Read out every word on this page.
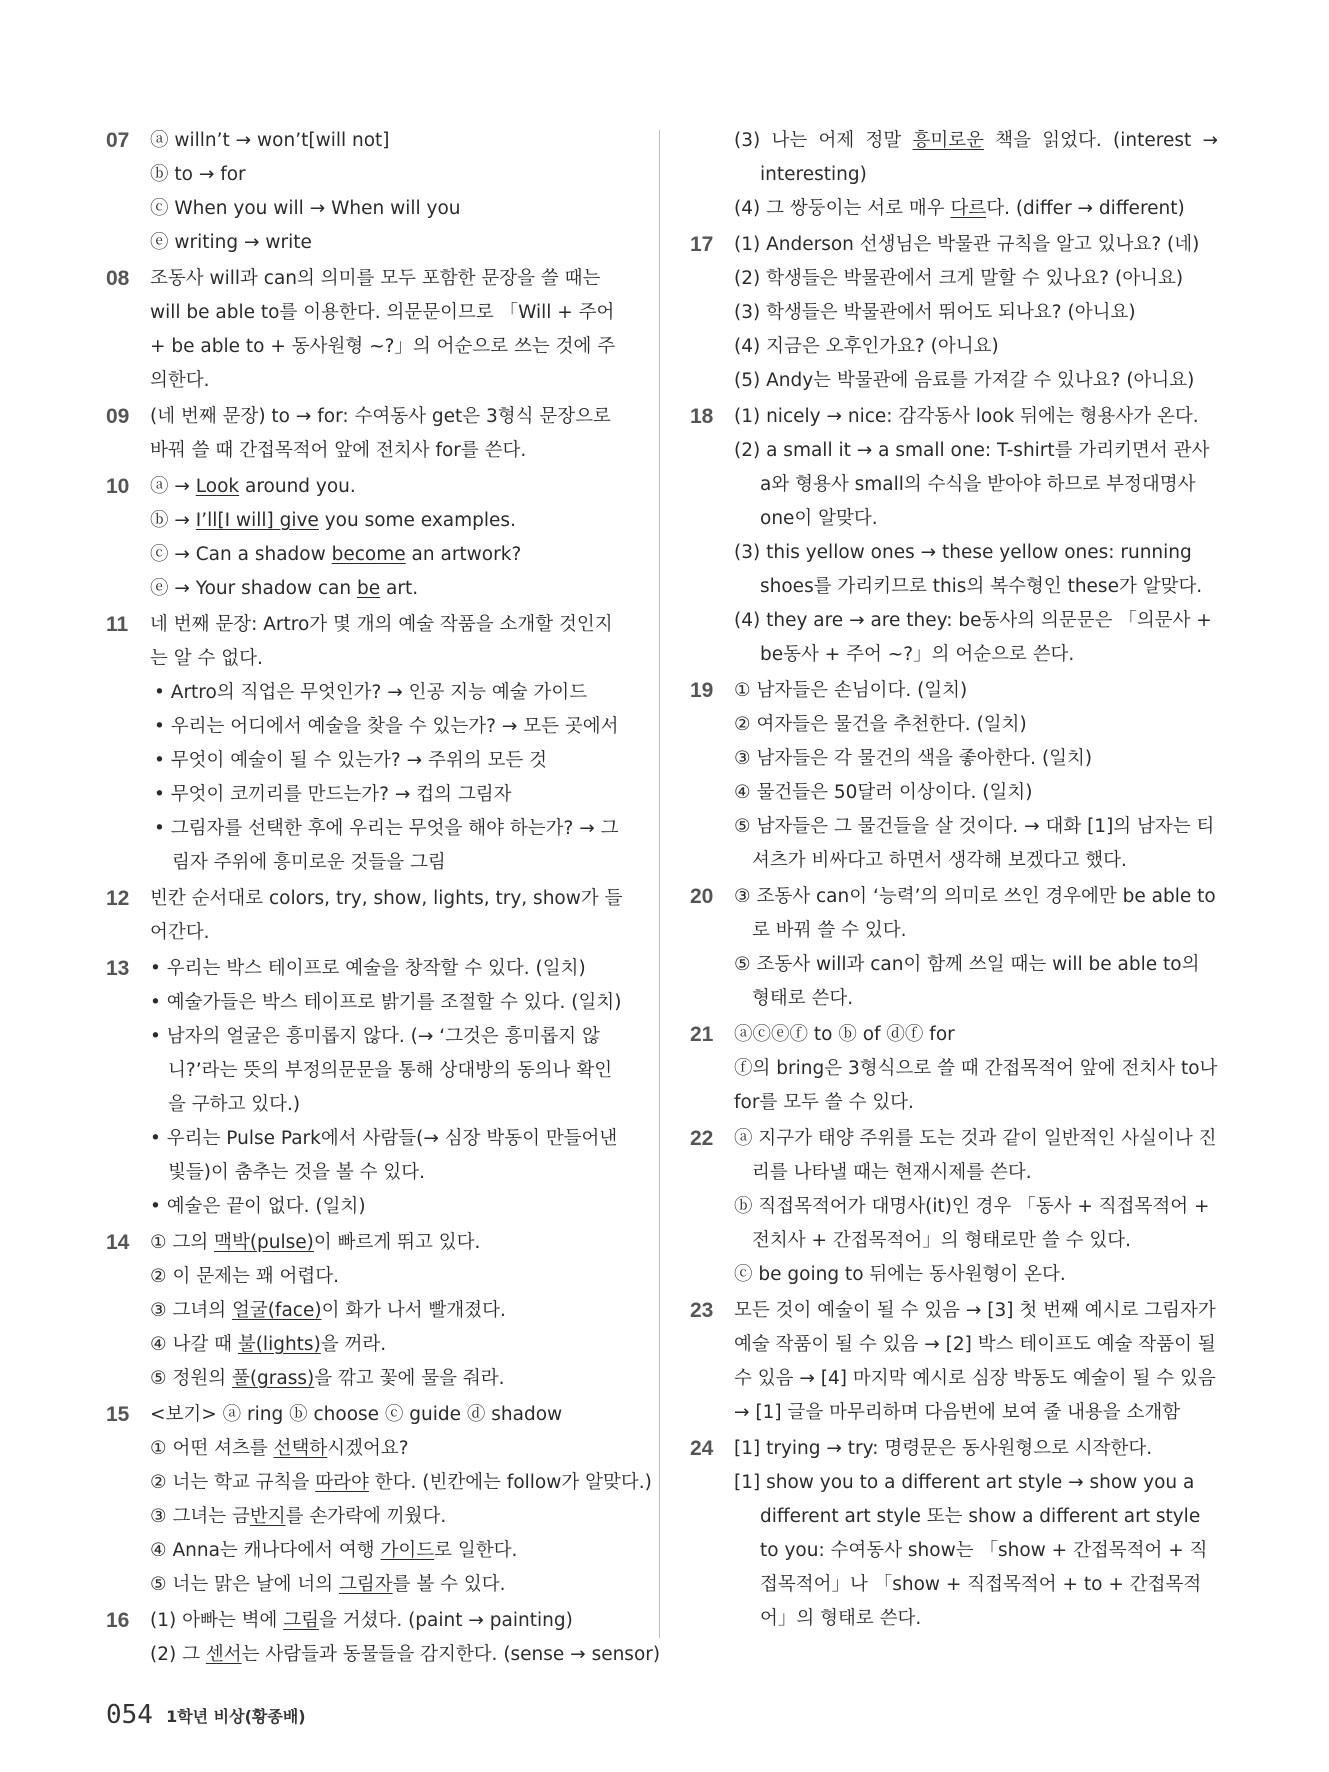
07	ⓐ willn’t → won’t[will not]
ⓑ to → for
ⓒ When you will → When will you
ⓔ writing → write
08	조동사 will과 can의 의미를 모두 포함한 문장을 쓸 때는 will be able to를 이용한다. 의문문이므로 「Will + 주어 + be able to + 동사원형 ~?」의 어순으로 쓰는 것에 주의한다.
09	(네 번째 문장) to → for: 수여동사 get은 3형식 문장으로 바꿔 쓸 때 간접목적어 앞에 전치사 for를 쓴다.
10	ⓐ → Look around you.
ⓑ → I’ll[I will] give you some examples.
ⓒ → Can a shadow become an artwork?
ⓔ → Your shadow can be art.
11	네 번째 문장: Artro가 몇 개의 예술 작품을 소개할 것인지는 알 수 없다.
• Artro의 직업은 무엇인가? → 인공 지능 예술 가이드
• 우리는 어디에서 예술을 찾을 수 있는가? → 모든 곳에서
• 무엇이 예술이 될 수 있는가? → 주위의 모든 것
• 무엇이 코끼리를 만드는가? → 컵의 그림자
• 그림자를 선택한 후에 우리는 무엇을 해야 하는가? → 그림자 주위에 흥미로운 것들을 그림
12	빈칸 순서대로 colors, try, show, lights, try, show가 들어간다.
13	• 우리는 박스 테이프로 예술을 창작할 수 있다. (일치)
• 예술가들은 박스 테이프로 밝기를 조절할 수 있다. (일치)
• 남자의 얼굴은 흥미롭지 않다. (→ ‘그것은 흥미롭지 않니?’라는 뜻의 부정의문문을 통해 상대방의 동의나 확인을 구하고 있다.)
• 우리는 Pulse Park에서 사람들(→ 심장 박동이 만들어낸 빛들)이 춤추는 것을 볼 수 있다.
• 예술은 끝이 없다. (일치)
14	① 그의 맥박(pulse)이 빠르게 뛰고 있다.
② 이 문제는 꽤 어렵다.
③ 그녀의 얼굴(face)이 화가 나서 빨개졌다.
④ 나갈 때 불(lights)을 꺼라.
⑤ 정원의 풀(grass)을 깎고 꽃에 물을 줘라.
15	<보기> ⓐ ring ⓑ choose ⓒ guide ⓓ shadow
① 어떤 셔츠를 선택하시겠어요?
② 너는 학교 규칙을 따라야 한다. (빈칸에는 follow가 알맞다.)
③ 그녀는 금반지를 손가락에 끼웠다.
④ Anna는 캐나다에서 여행 가이드로 일한다.
⑤ 너는 맑은 날에 너의 그림자를 볼 수 있다.
16	(1) 아빠는 벽에 그림을 거셨다. (paint → painting)
(2) 그 센서는 사람들과 동물들을 감지한다. (sense → sensor)
(3) 나는 어제 정말 흥미로운 책을 읽었다. (interest → interesting)
(4) 그 쌍둥이는 서로 매우 다르다. (differ → different)
17	(1) Anderson 선생님은 박물관 규칙을 알고 있나요? (네)
(2) 학생들은 박물관에서 크게 말할 수 있나요? (아니요)
(3) 학생들은 박물관에서 뛰어도 되나요? (아니요)
(4) 지금은 오후인가요? (아니요)
(5) Andy는 박물관에 음료를 가져갈 수 있나요? (아니요)
18	(1) nicely → nice: 감각동사 look 뒤에는 형용사가 온다.
(2) a small it → a small one: T-shirt를 가리키면서 관사 a와 형용사 small의 수식을 받아야 하므로 부정대명사 one이 알맞다.
(3) this yellow ones → these yellow ones: running shoes를 가리키므로 this의 복수형인 these가 알맞다.
(4) they are → are they: be동사의 의문문은 「의문사 + be동사 + 주어 ~?」의 어순으로 쓴다.
19	① 남자들은 손님이다. (일치)
② 여자들은 물건을 추천한다. (일치)
③ 남자들은 각 물건의 색을 좋아한다. (일치)
④ 물건들은 50달러 이상이다. (일치)
⑤ 남자들은 그 물건들을 살 것이다. → 대화 [1]의 남자는 티셔츠가 비싸다고 하면서 생각해 보겠다고 했다.
20	③ 조동사 can이 ‘능력’의 의미로 쓰인 경우에만 be able to로 바꿔 쓸 수 있다.
⑤ 조동사 will과 can이 함께 쓰일 때는 will be able to의 형태로 쓴다.
21	ⓐⓒⓔⓕ to ⓑ of ⓓⓕ for
ⓕ의 bring은 3형식으로 쓸 때 간접목적어 앞에 전치사 to나 for를 모두 쓸 수 있다.
22	ⓐ 지구가 태양 주위를 도는 것과 같이 일반적인 사실이나 진리를 나타낼 때는 현재시제를 쓴다.
ⓑ 직접목적어가 대명사(it)인 경우 「동사 + 직접목적어 + 전치사 + 간접목적어」의 형태로만 쓸 수 있다.
ⓒ be going to 뒤에는 동사원형이 온다.
23	모든 것이 예술이 될 수 있음 → [3] 첫 번째 예시로 그림자가 예술 작품이 될 수 있음 → [2] 박스 테이프도 예술 작품이 될 수 있음 → [4] 마지막 예시로 심장 박동도 예술이 될 수 있음 → [1] 글을 마무리하며 다음번에 보여 줄 내용을 소개함
24	[1] trying → try: 명령문은 동사원형으로 시작한다.
[1] show you to a different art style → show you a different art style 또는 show a different art style to you: 수여동사 show는 「show + 간접목적어 + 직접목적어」나 「show + 직접목적어 + to + 간접목적어」의 형태로 쓴다.
054 1학년 비상(황종배)
